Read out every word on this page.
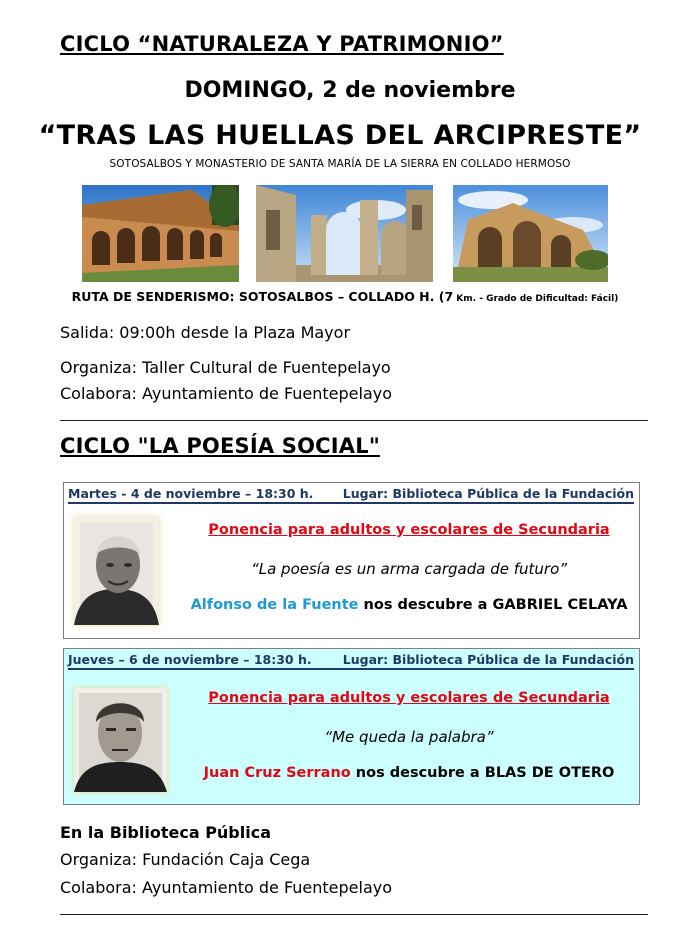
CICLO “NATURALEZA Y PATRIMONIO”
DOMINGO, 2 de noviembre
“TRAS LAS HUELLAS DEL ARCIPRESTE”
SOTOSALBOS Y MONASTERIO DE SANTA MARÍA DE LA SIERRA EN COLLADO HERMOSO
RUTA DE SENDERISMO: SOTOSALBOS – COLLADO H. (7 Km. - Grado de Dificultad: Fácil)
Salida: 09:00h desde la Plaza Mayor
Organiza: Taller Cultural de Fuentepelayo
Colabora: Ayuntamiento de Fuentepelayo
CICLO "LA POESÍA SOCIAL"
Martes - 4 de noviembre – 18:30 h. Lugar: Biblioteca Pública de la Fundación
Ponencia para adultos y escolares de Secundaria
“La poesía es un arma cargada de futuro”
Alfonso de la Fuente nos descubre a GABRIEL CELAYA
Jueves – 6 de noviembre – 18:30 h. Lugar: Biblioteca Pública de la Fundación
Ponencia para adultos y escolares de Secundaria
“Me queda la palabra”
Juan Cruz Serrano nos descubre a BLAS DE OTERO
En la Biblioteca Pública
Organiza: Fundación Caja Cega
Colabora: Ayuntamiento de Fuentepelayo
